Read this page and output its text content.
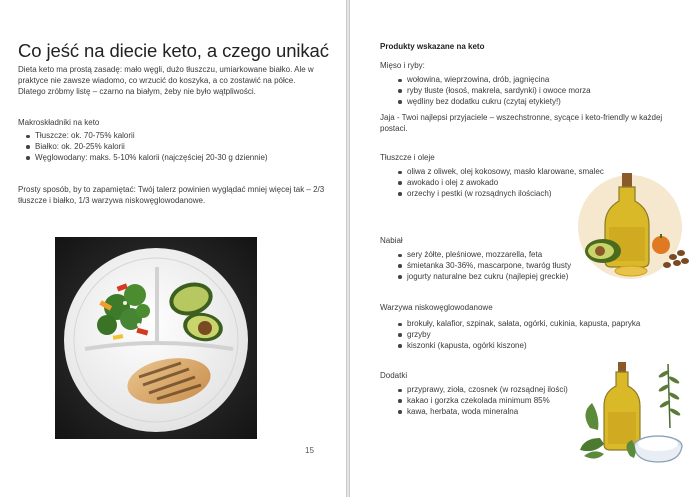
Co jeść na diecie keto, a czego unikać

Dieta keto ma prostą zasadę: mało węgli, dużo tłuszczu, umiarkowane białko. Ale w praktyce nie zawsze wiadomo, co wrzucić do koszyka, a co zostawić na półce. Dlatego zróbmy listę – czarno na białym, żeby nie było wątpliwości.

Makroskładniki na keto

Tłuszcze: ok. 70-75% kalorii
Białko: ok. 20-25% kalorii
Węglowodany: maks. 5-10% kalorii (najczęściej 20-30 g dziennie)

Prosty sposób, by to zapamiętać: Twój talerz powinien wyglądać mniej więcej tak – 2/3 tłuszcze i białko, 1/3 warzywa niskowęglowodanowe.

15
Produkty wskazane na keto
Mięso i ryby:
wołowina, wieprzowina, drób, jagnięcina
ryby tłuste (łosoś, makrela, sardynki) i owoce morza
wędliny bez dodatku cukru (czytaj etykiety!)

Jaja - Twoi najlepsi przyjaciele – wszechstronne, sycące i keto-friendly w każdej postaci.

Tłuszcze i oleje
oliwa z oliwek, olej kokosowy, masło klarowane, smalec
awokado i olej z awokado
orzechy i pestki (w rozsądnych ilościach)
Nabiał
sery żółte, pleśniowe, mozzarella, feta
śmietanka 30-36%, mascarpone, twaróg tłusty
jogurty naturalne bez cukru (najlepiej greckie)
Warzywa niskowęglowodanowe
brokuły, kalafior, szpinak, sałata, ogórki, cukinia, kapusta, papryka
grzyby
kiszonki (kapusta, ogórki kiszone)
Dodatki
przyprawy, zioła, czosnek (w rozsądnej ilości)
kakao i gorzka czekolada minimum 85%
kawa, herbata, woda mineralna
